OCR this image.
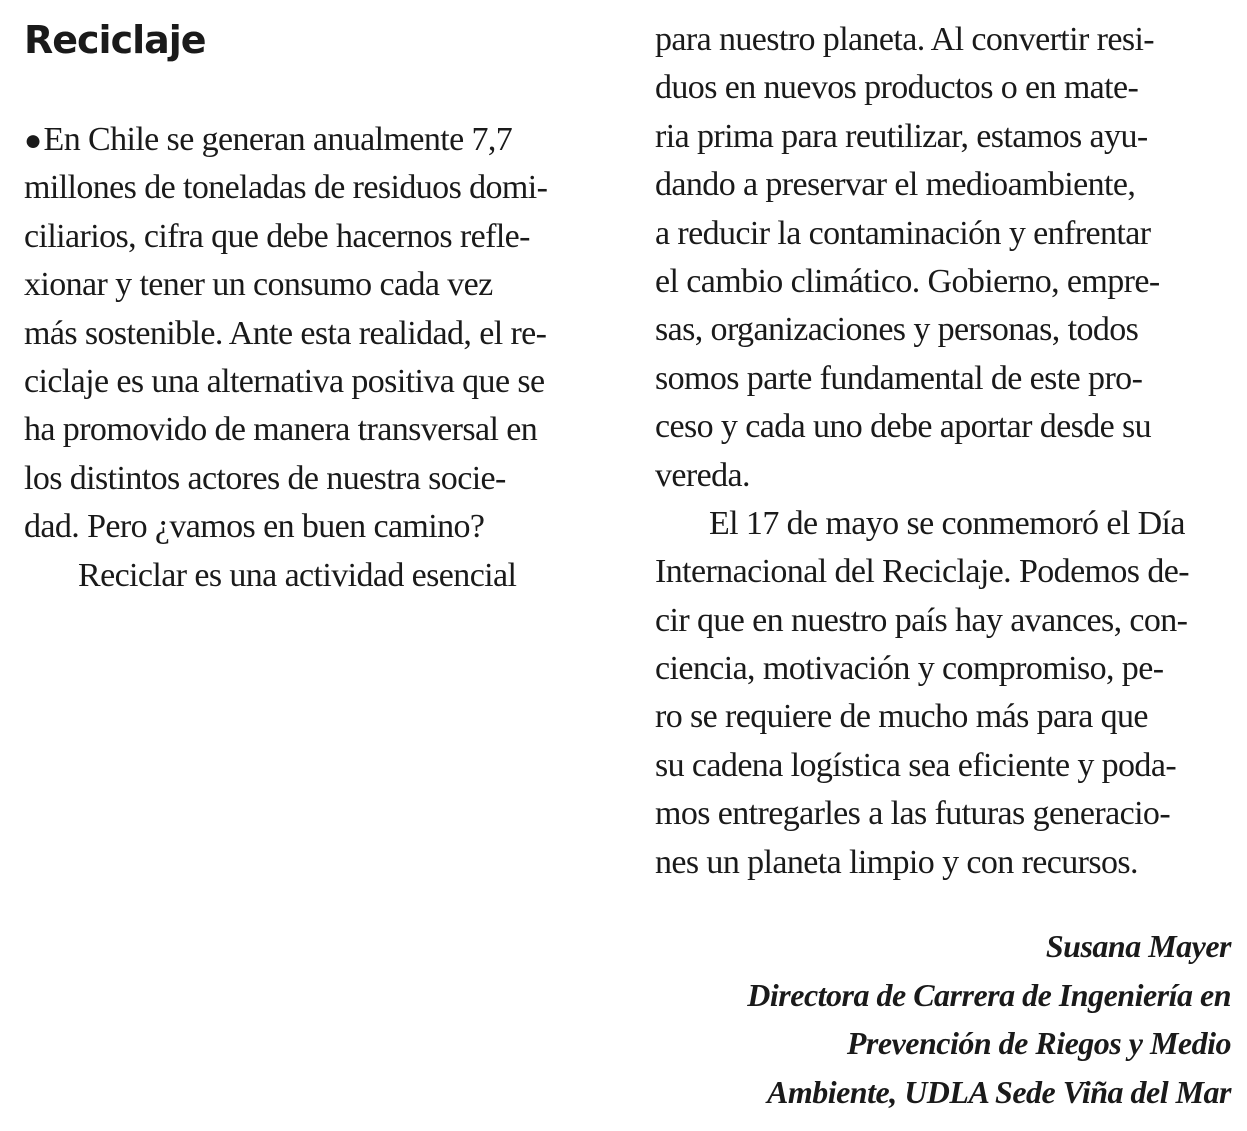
Reciclaje
●En Chile se generan anualmente 7,7
millones de toneladas de residuos domi-
ciliarios, cifra que debe hacernos refle-
xionar y tener un consumo cada vez
más sostenible. Ante esta realidad, el re-
ciclaje es una alternativa positiva que se
ha promovido de manera transversal en
los distintos actores de nuestra socie-
dad. Pero ¿vamos en buen camino?
Reciclar es una actividad esencial
para nuestro planeta. Al convertir resi-
duos en nuevos productos o en mate-
ria prima para reutilizar, estamos ayu-
dando a preservar el medioambiente,
a reducir la contaminación y enfrentar
el cambio climático. Gobierno, empre-
sas, organizaciones y personas, todos
somos parte fundamental de este pro-
ceso y cada uno debe aportar desde su
vereda.
El 17 de mayo se conmemoró el Día
Internacional del Reciclaje. Podemos de-
cir que en nuestro país hay avances, con-
ciencia, motivación y compromiso, pe-
ro se requiere de mucho más para que
su cadena logística sea eficiente y poda-
mos entregarles a las futuras generacio-
nes un planeta limpio y con recursos.
Susana Mayer
Directora de Carrera de Ingeniería en
Prevención de Riegos y Medio
Ambiente, UDLA Sede Viña del Mar
